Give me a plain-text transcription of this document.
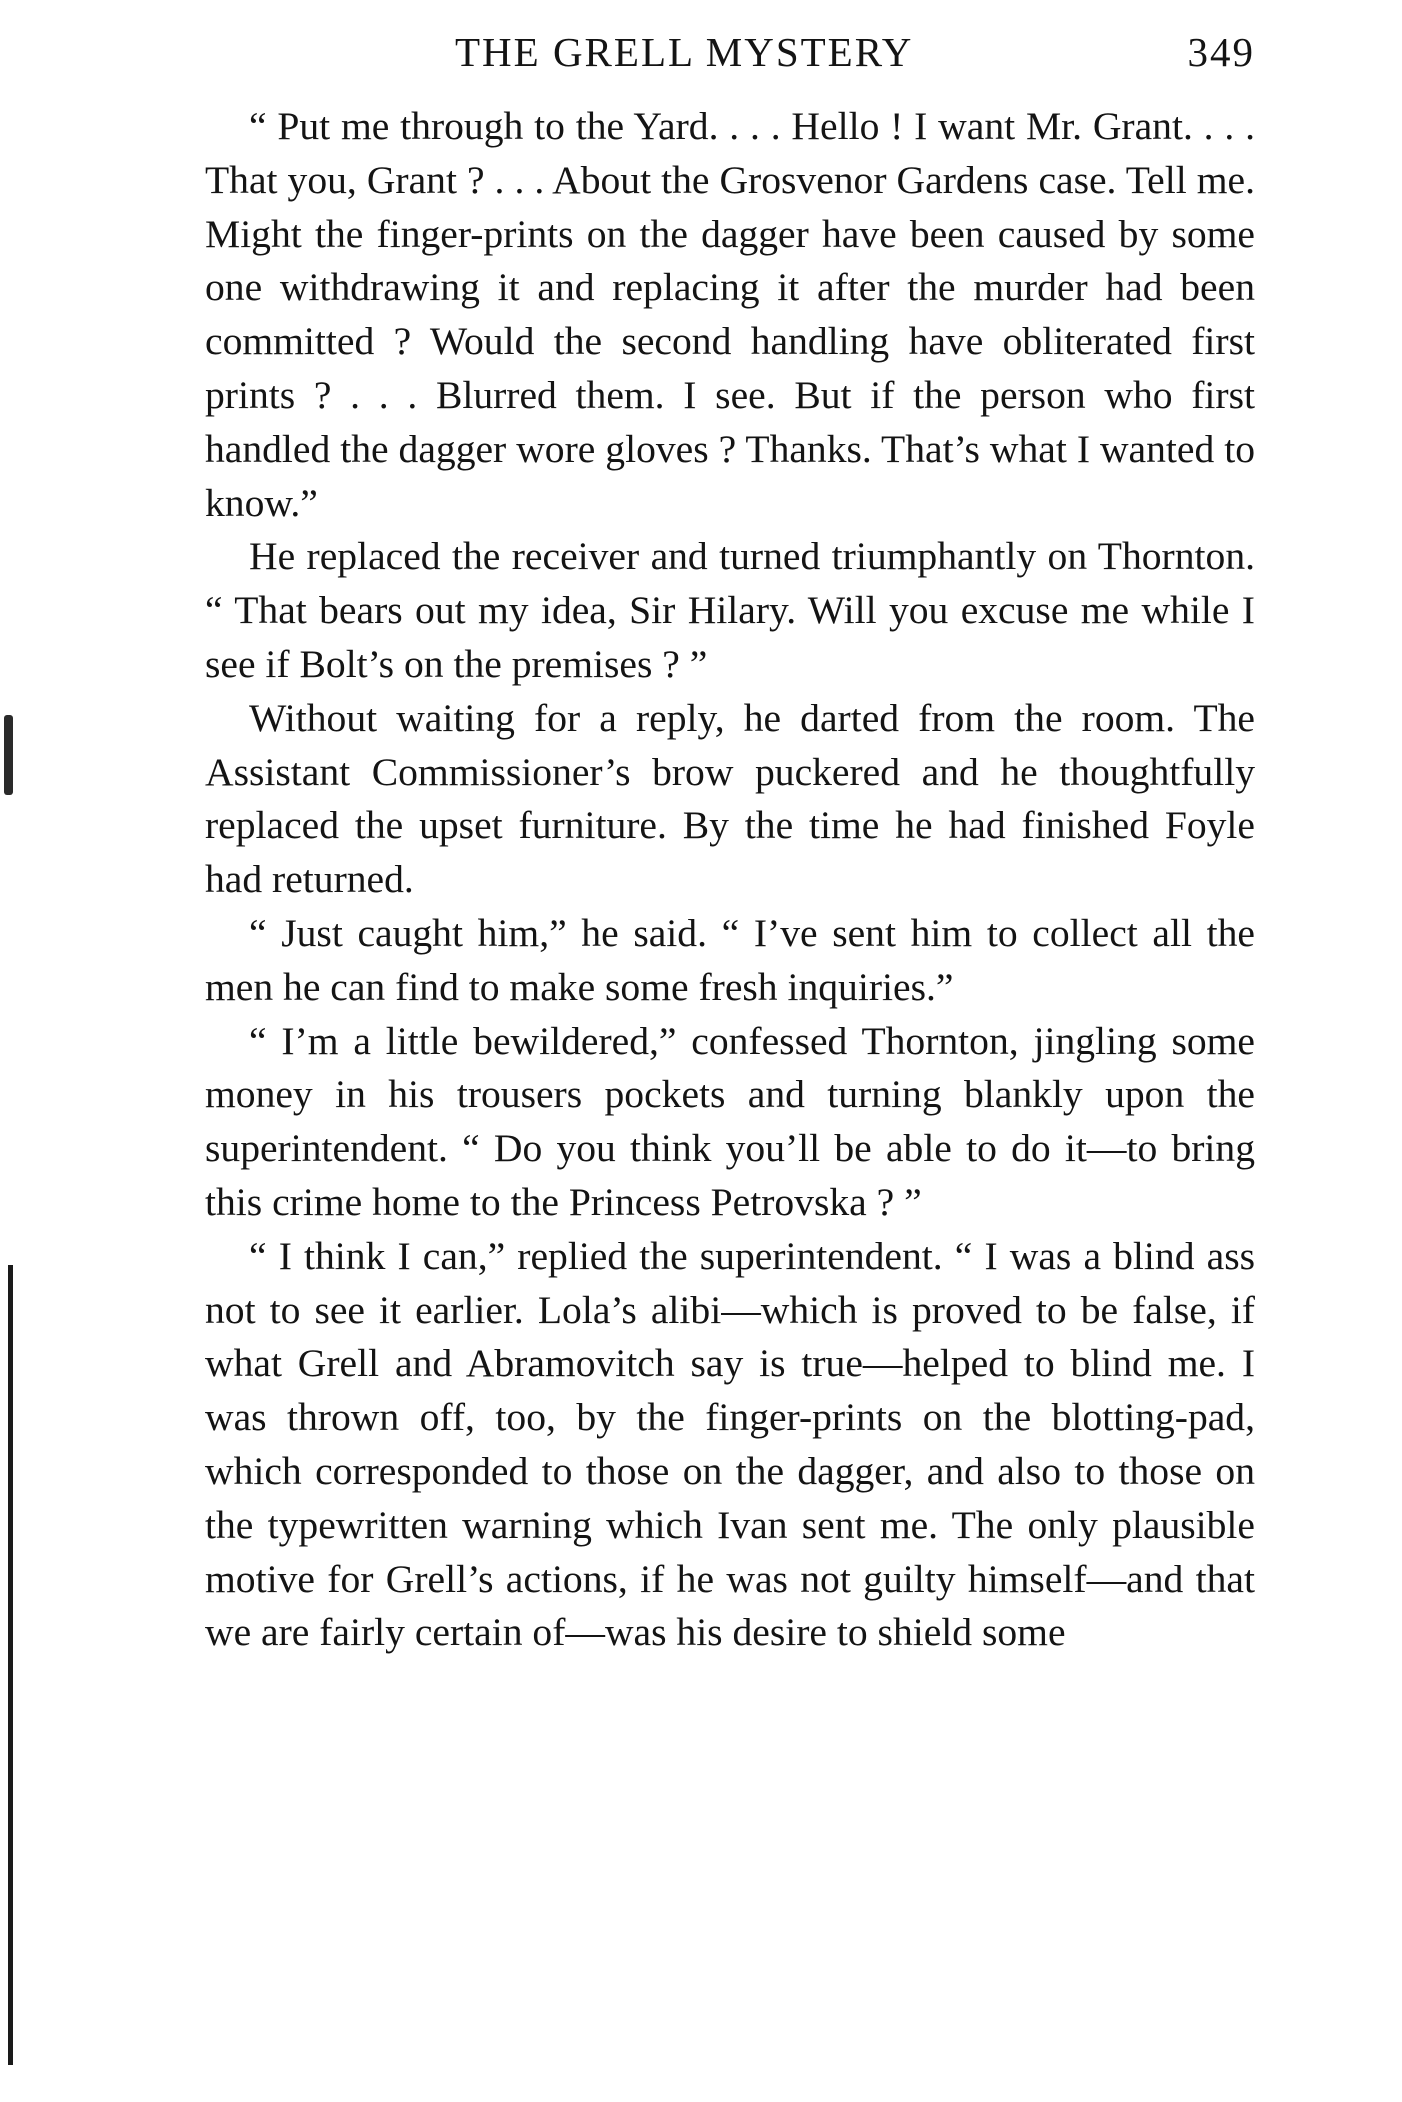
THE GRELL MYSTERY	349

“ Put me through to the Yard. . . . Hello ! I want Mr. Grant. . . . That you, Grant ? . . . About the Grosvenor Gardens case. Tell me. Might the finger-prints on the dagger have been caused by some one withdrawing it and replacing it after the murder had been committed ? Would the second handling have obliterated first prints ? . . . Blurred them. I see. But if the person who first handled the dagger wore gloves ? Thanks. That’s what I wanted to know.”

He replaced the receiver and turned triumphantly on Thornton. “ That bears out my idea, Sir Hilary. Will you excuse me while I see if Bolt’s on the premises ? ”

Without waiting for a reply, he darted from the room. The Assistant Commissioner’s brow puckered and he thoughtfully replaced the upset furniture. By the time he had finished Foyle had returned.

“ Just caught him,” he said. “ I’ve sent him to collect all the men he can find to make some fresh inquiries.”

“ I’m a little bewildered,” confessed Thornton, jingling some money in his trousers pockets and turning blankly upon the superintendent. “ Do you think you’ll be able to do it—to bring this crime home to the Princess Petrovska ? ”

“ I think I can,” replied the superintendent. “ I was a blind ass not to see it earlier. Lola’s alibi—which is proved to be false, if what Grell and Abramovitch say is true—helped to blind me. I was thrown off, too, by the finger-prints on the blotting-pad, which corresponded to those on the dagger, and also to those on the typewritten warning which Ivan sent me. The only plausible motive for Grell’s actions, if he was not guilty himself—and that we are fairly certain of—was his desire to shield some
